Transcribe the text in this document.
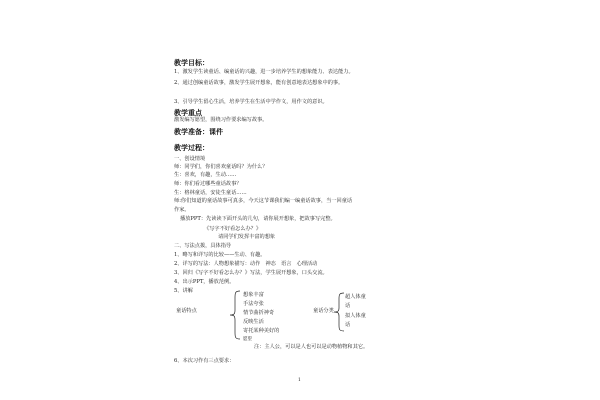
教学目标：
1、激发学生读童话、编童话的兴趣，进一步培养学生的想象能力、表达能力。
2、通过创编童话故事，激发学生展开想象，能有创意地表达想象中的事。
3、引导学生留心生活，培养学生在生活中学作文，用作文的意识。
教学重点
激发编写愿望，围绕习作要求编写故事。
教学准备：课件
教学过程：
一、创设情境
师：同学们，你们喜欢童话吗？为什么？
生：喜欢，有趣，生动……
师：你们看过哪些童话故事？
生：格林童话，安徒生童话……
师:你们知道的童话故事可真多，今天这节课我们编一编童话故事，当一回童话
作家。
播放PPT：先读读下面开头的几句，请你展开想象，把故事写完整。
《写字不好看怎么办？》
请同学们发挥丰富的想象
二、写法点拨，具体指导
1、略写和详写的比较——生动、有趣。
2、详写的写法：人物想象描写：动作　神态　语言　心理活动
3、回归《写字不好看怎么办？》写法，学生展开想象，口头交流。
4、出示PPT，播放范例。
5、讲解
童话特点
想象丰富
手法夸张
情节曲折神奇
反映生活
寄托某种美好的
愿望
童话分类
超人体童
话
拟人体童
话
注：主人公，可以是人也可以是动物植物和其它。
6、本次习作有三点要求：
1
